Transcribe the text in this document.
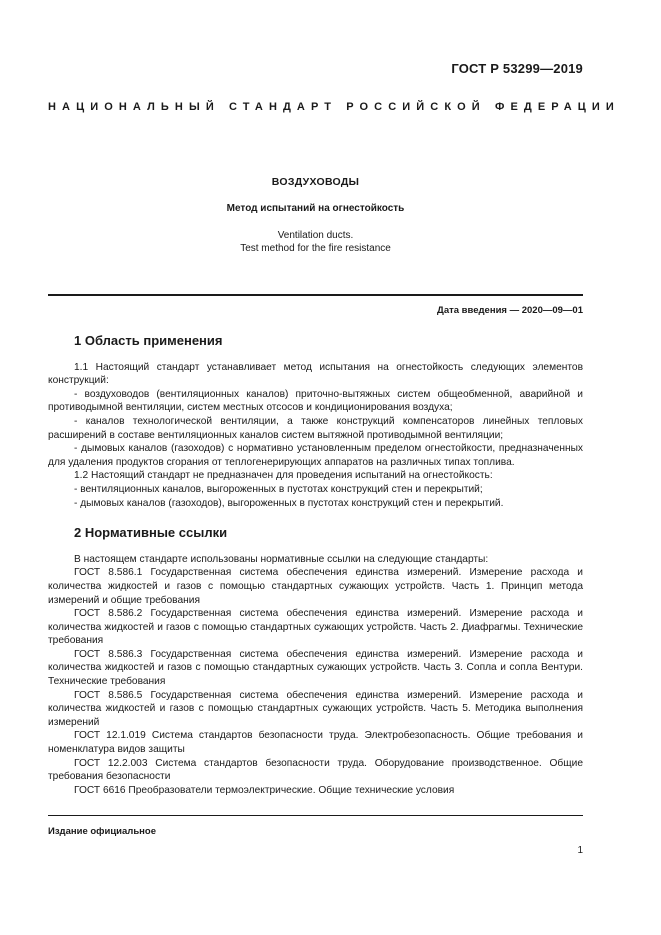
ГОСТ Р 53299—2019
НАЦИОНАЛЬНЫЙ СТАНДАРТ РОССИЙСКОЙ ФЕДЕРАЦИИ
ВОЗДУХОВОДЫ
Метод испытаний на огнестойкость
Ventilation ducts.
Test method for the fire resistance
Дата введения — 2020—09—01
1 Область применения

1.1 Настоящий стандарт устанавливает метод испытания на огнестойкость следующих элементов конструкций:

- воздуховодов (вентиляционных каналов) приточно-вытяжных систем общеобменной, аварийной и противодымной вентиляции, систем местных отсосов и кондиционирования воздуха;

- каналов технологической вентиляции, а также конструкций компенсаторов линейных тепловых расширений в составе вентиляционных каналов систем вытяжной противодымной вентиляции;

- дымовых каналов (газоходов) с нормативно установленным пределом огнестойкости, предназначенных для удаления продуктов сгорания от теплогенерирующих аппаратов на различных типах топлива.

1.2 Настоящий стандарт не предназначен для проведения испытаний на огнестойкость:

- вентиляционных каналов, выгороженных в пустотах конструкций стен и перекрытий;

- дымовых каналов (газоходов), выгороженных в пустотах конструкций стен и перекрытий.

2 Нормативные ссылки

В настоящем стандарте использованы нормативные ссылки на следующие стандарты:

ГОСТ 8.586.1 Государственная система обеспечения единства измерений. Измерение расхода и количества жидкостей и газов с помощью стандартных сужающих устройств. Часть 1. Принцип метода измерений и общие требования

ГОСТ 8.586.2 Государственная система обеспечения единства измерений. Измерение расхода и количества жидкостей и газов с помощью стандартных сужающих устройств. Часть 2. Диафрагмы. Технические требования

ГОСТ 8.586.3 Государственная система обеспечения единства измерений. Измерение расхода и количества жидкостей и газов с помощью стандартных сужающих устройств. Часть 3. Сопла и сопла Вентури. Технические требования

ГОСТ 8.586.5 Государственная система обеспечения единства измерений. Измерение расхода и количества жидкостей и газов с помощью стандартных сужающих устройств. Часть 5. Методика выполнения измерений

ГОСТ 12.1.019 Система стандартов безопасности труда. Электробезопасность. Общие требования и номенклатура видов защиты

ГОСТ 12.2.003 Система стандартов безопасности труда. Оборудование производственное. Общие требования безопасности

ГОСТ 6616 Преобразователи термоэлектрические. Общие технические условия

Издание официальное
1
